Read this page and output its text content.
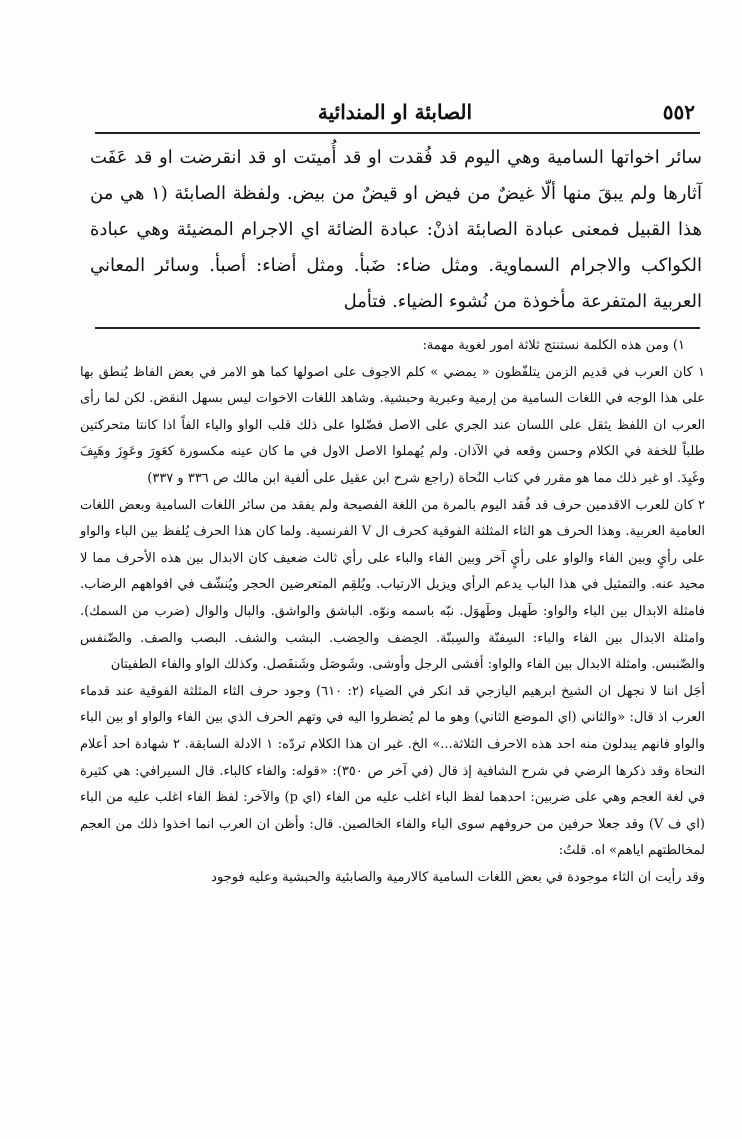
٥٥٢
الصابئة او المندائية

سائر اخواتها السامية وهي اليوم قد فُقدت او قد أُميتت او قد انقرضت او قد عَفَت آثارها ولم يبقَ منها ألّا غيضٌ من فيض او قيضٌ من بيض. ولفظة الصابئة (١ هي من هذا القبيل فمعنى عبادة الصابئة اذنْ: عبادة الضائة اي الاجرام المضيئة وهي عبادة الكواكب والاجرام السماوية. ومثل ضاء: ضَبأ. ومثل أضاء: أصبأ. وسائر المعاني العربية المتفرعة مأخوذة من نُشوء الضياء. فتأمل

١) ومن هذه الكلمة نستنتج ثلاثة امور لغوية مهمة:

١ كان العرب في قديم الزمن يتلفّظون « يمضي » كلم الاجوف على اصولها كما هو الامر في بعض الفاظ يُنطق بها على هذا الوجه في اللغات السامية من إرمية وعبرية وحبشية. وشاهد اللغات الاخوات ليس بسهل النقض. لكن لما رأى العرب ان اللفظ يثقل على اللسان عند الجري على الاصل فضّلوا على ذلك قلب الواو والياء الفاً اذا كانتا متحركتين طلباً للخفة في الكلام وحسن وقعه في الآذان. ولم يُهملوا الاصل الاول في ما كان عينه مكسورة كعَوِرَ وعَوِزَ وهَيِفَ وغَيِدَ. او غير ذلك مما هو مقرر في كتاب النُحاة (راجع شرح ابن عقيل على ألفية ابن مالك ص ٣٣٦ و ٣٣٧)

٢ كان للعرب الاقدمين حرف قد فُقد اليوم بالمرة من اللغة الفصيحة ولم يفقد من سائر اللغات السامية وبعض اللغات العامية العربية. وهذا الحرف هو الثاء المثلثة الفوقية كحرف ال V الفرنسية. ولما كان هذا الحرف يُلفظ بين الباء والواو على رأيٍ وبين الفاء والواو على رأيٍ آخر وبين الفاء والباء على رأي ثالث ضعيف كان الابدال بين هذه الأحرف مما لا محيد عنه. والتمثيل في هذا الباب يدعم الرأي ويزيل الارتياب. ويُلقِم المتعرضين الحجر ويُنشّف في افواههم الرضاب. فامثلة الابدال بين الباء والواو: طَهبل وطَهوَل. نبّه باسمه ونوّه. الباشق والواشق. والبال والوال (ضرب من السمك). وامثلة الابدال بين الفاء والباء: السِفنّة والسِبنّة. الحِضف والحِضب. البشب والشف. البصب والصف. والضّنفس والضّنبس. وامثلة الابدال بين الفاء والواو: أفشى الرجل وأوشى. وشَوصَل وشَنفَصل. وكذلك الواو والفاء الطفيتان

أجَل اننا لا نجهل ان الشيخ ابرهيم اليازجي قد انكر في الضياء (٢: ٦١٠) وجود حرف الثاء المثلثة الفوقية عند قدماء العرب اذ قال: «والثاني (اي الموضع الثاني) وهو ما لم يُضطروا اليه في وتهم الحرف الذي بين الفاء والواو او بين الباء والواو فانهم يبدلون منه احد هذه الاحرف الثلاثة...» الخ. غير ان هذا الكلام تردّه: ١ الادلة السابقة. ٢ شهادة احد أعلام النحاة وقد ذكرها الرضي في شرح الشافية إذ قال (في آخر ص ٣٥٠): «قوله: والفاء كالباء. قال السيرافي: هي كثيرة في لغة العجم وهي على ضربين: احدهما لفظ الباء اغلب عليه من الفاء (اي p) والآخر: لفظ الفاء اغلب عليه من الباء (اي ف V) وقد جعلا حرفين من حروفهم سوى الباء والفاء الخالصين. قال: وأظن ان العرب انما اخذوا ذلك من العجم لمخالطتهم اياهم» اه. قلتُ:

وقد رأيت ان الثاء موجودة في بعض اللغات السامية كالارمية والصابئية والحبشية وعليه فوجود
